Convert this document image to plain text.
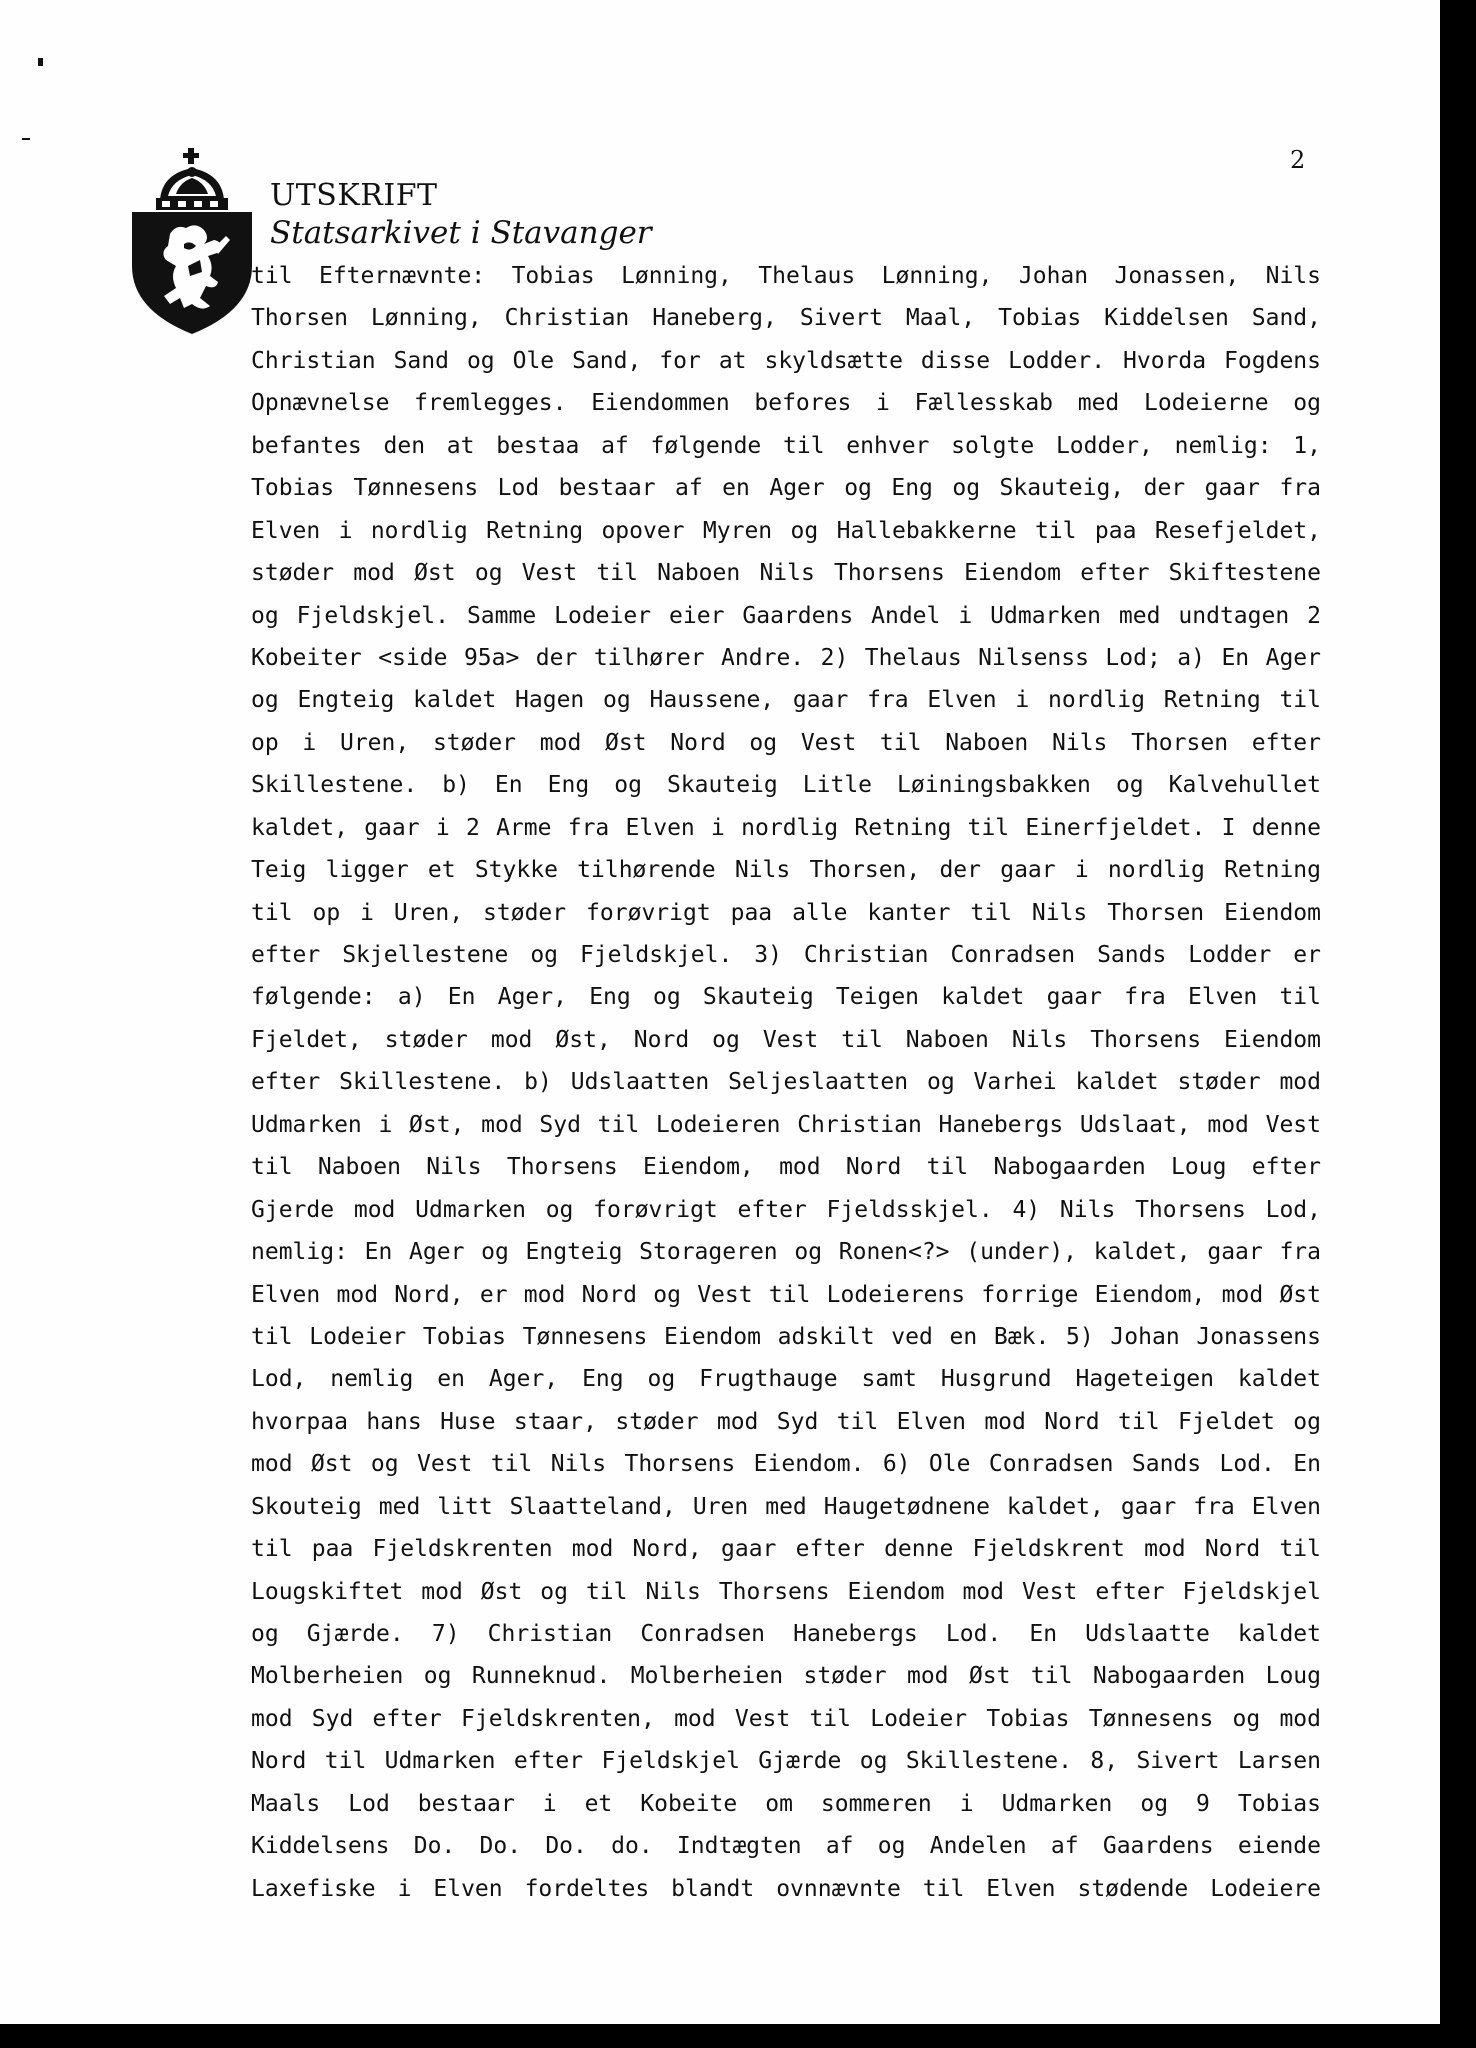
UTSKRIFT
Statsarkivet i Stavanger
2
til Efternævnte: Tobias Lønning, Thelaus Lønning, Johan Jonassen, Nils
Thorsen Lønning, Christian Haneberg, Sivert Maal, Tobias Kiddelsen Sand,
Christian Sand og Ole Sand, for at skyldsætte disse Lodder. Hvorda Fogdens
Opnævnelse fremlegges. Eiendommen befores i Fællesskab med Lodeierne og
befantes den at bestaa af følgende til enhver solgte Lodder, nemlig: 1,
Tobias Tønnesens Lod bestaar af en Ager og Eng og Skauteig, der gaar fra
Elven i nordlig Retning opover Myren og Hallebakkerne til paa Resefjeldet,
støder mod Øst og Vest til Naboen Nils Thorsens Eiendom efter Skiftestene
og Fjeldskjel. Samme Lodeier eier Gaardens Andel i Udmarken med undtagen 2
Kobeiter <side 95a> der tilhører Andre. 2) Thelaus Nilsenss Lod; a) En Ager
og Engteig kaldet Hagen og Haussene, gaar fra Elven i nordlig Retning til
op i Uren, støder mod Øst Nord og Vest til Naboen Nils Thorsen efter
Skillestene. b) En Eng og Skauteig Litle Løiningsbakken og Kalvehullet
kaldet, gaar i 2 Arme fra Elven i nordlig Retning til Einerfjeldet. I denne
Teig ligger et Stykke tilhørende Nils Thorsen, der gaar i nordlig Retning
til op i Uren, støder forøvrigt paa alle kanter til Nils Thorsen Eiendom
efter Skjellestene og Fjeldskjel. 3) Christian Conradsen Sands Lodder er
følgende: a) En Ager, Eng og Skauteig Teigen kaldet gaar fra Elven til
Fjeldet, støder mod Øst, Nord og Vest til Naboen Nils Thorsens Eiendom
efter Skillestene. b) Udslaatten Seljeslaatten og Varhei kaldet støder mod
Udmarken i Øst, mod Syd til Lodeieren Christian Hanebergs Udslaat, mod Vest
til Naboen Nils Thorsens Eiendom, mod Nord til Nabogaarden Loug efter
Gjerde mod Udmarken og forøvrigt efter Fjeldsskjel. 4) Nils Thorsens Lod,
nemlig: En Ager og Engteig Storageren og Ronen<?> (under), kaldet, gaar fra
Elven mod Nord, er mod Nord og Vest til Lodeierens forrige Eiendom, mod Øst
til Lodeier Tobias Tønnesens Eiendom adskilt ved en Bæk. 5) Johan Jonassens
Lod, nemlig en Ager, Eng og Frugthauge samt Husgrund Hageteigen kaldet
hvorpaa hans Huse staar, støder mod Syd til Elven mod Nord til Fjeldet og
mod Øst og Vest til Nils Thorsens Eiendom. 6) Ole Conradsen Sands Lod. En
Skouteig med litt Slaatteland, Uren med Haugetødnene kaldet, gaar fra Elven
til paa Fjeldskrenten mod Nord, gaar efter denne Fjeldskrent mod Nord til
Lougskiftet mod Øst og til Nils Thorsens Eiendom mod Vest efter Fjeldskjel
og Gjærde. 7) Christian Conradsen Hanebergs Lod. En Udslaatte kaldet
Molberheien og Runneknud. Molberheien støder mod Øst til Nabogaarden Loug
mod Syd efter Fjeldskrenten, mod Vest til Lodeier Tobias Tønnesens og mod
Nord til Udmarken efter Fjeldskjel Gjærde og Skillestene. 8, Sivert Larsen
Maals Lod bestaar i et Kobeite om sommeren i Udmarken og 9 Tobias
Kiddelsens Do. Do. Do. do. Indtægten af og Andelen af Gaardens eiende
Laxefiske i Elven fordeltes blandt ovnnævnte til Elven stødende Lodeiere
